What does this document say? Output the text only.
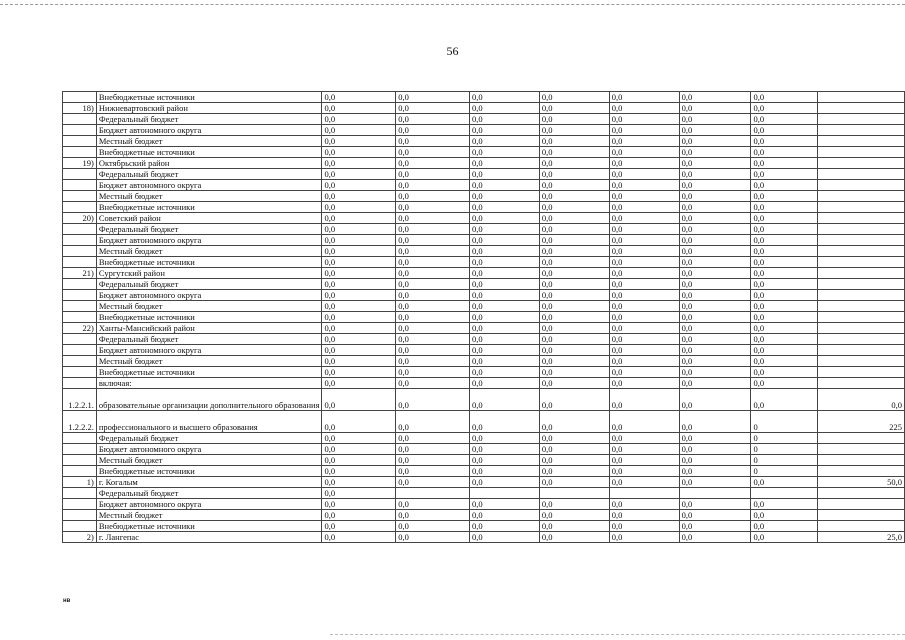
56
	Внебюджетные источники	0,0	0,0	0,0	0,0	0,0	0,0	0,0	
18)	Нижневартовский район	0,0	0,0	0,0	0,0	0,0	0,0	0,0	
	Федеральный бюджет	0,0	0,0	0,0	0,0	0,0	0,0	0,0	
	Бюджет автономного округа	0,0	0,0	0,0	0,0	0,0	0,0	0,0	
	Местный бюджет	0,0	0,0	0,0	0,0	0,0	0,0	0,0	
	Внебюджетные источники	0,0	0,0	0,0	0,0	0,0	0,0	0,0	
19)	Октябрьский район	0,0	0,0	0,0	0,0	0,0	0,0	0,0	
	Федеральный бюджет	0,0	0,0	0,0	0,0	0,0	0,0	0,0	
	Бюджет автономного округа	0,0	0,0	0,0	0,0	0,0	0,0	0,0	
	Местный бюджет	0,0	0,0	0,0	0,0	0,0	0,0	0,0	
	Внебюджетные источники	0,0	0,0	0,0	0,0	0,0	0,0	0,0	
20)	Советский район	0,0	0,0	0,0	0,0	0,0	0,0	0,0	
	Федеральный бюджет	0,0	0,0	0,0	0,0	0,0	0,0	0,0	
	Бюджет автономного округа	0,0	0,0	0,0	0,0	0,0	0,0	0,0	
	Местный бюджет	0,0	0,0	0,0	0,0	0,0	0,0	0,0	
	Внебюджетные источники	0,0	0,0	0,0	0,0	0,0	0,0	0,0	
21)	Сургутский район	0,0	0,0	0,0	0,0	0,0	0,0	0,0	
	Федеральный бюджет	0,0	0,0	0,0	0,0	0,0	0,0	0,0	
	Бюджет автономного округа	0,0	0,0	0,0	0,0	0,0	0,0	0,0	
	Местный бюджет	0,0	0,0	0,0	0,0	0,0	0,0	0,0	
	Внебюджетные источники	0,0	0,0	0,0	0,0	0,0	0,0	0,0	
22)	Ханты-Мансийский район	0,0	0,0	0,0	0,0	0,0	0,0	0,0	
	Федеральный бюджет	0,0	0,0	0,0	0,0	0,0	0,0	0,0	
	Бюджет автономного округа	0,0	0,0	0,0	0,0	0,0	0,0	0,0	
	Местный бюджет	0,0	0,0	0,0	0,0	0,0	0,0	0,0	
	Внебюджетные источники	0,0	0,0	0,0	0,0	0,0	0,0	0,0	
	включая:	0,0	0,0	0,0	0,0	0,0	0,0	0,0	
1.2.2.1.	образовательные организации дополнительного образования	0,0	0,0	0,0	0,0	0,0	0,0	0,0	0,0
1.2.2.2.	профессионального и высшего образования	0,0	0,0	0,0	0,0	0,0	0,0	0	225
	Федеральный бюджет	0,0	0,0	0,0	0,0	0,0	0,0	0	
	Бюджет автономного округа	0,0	0,0	0,0	0,0	0,0	0,0	0	
	Местный бюджет	0,0	0,0	0,0	0,0	0,0	0,0	0	
	Внебюджетные источники	0,0	0,0	0,0	0,0	0,0	0,0	0	
1)	г. Когалым	0,0	0,0	0,0	0,0	0,0	0,0	0,0	50,0
	Федеральный бюджет	0,0							
	Бюджет автономного округа	0,0	0,0	0,0	0,0	0,0	0,0	0,0	
	Местный бюджет	0,0	0,0	0,0	0,0	0,0	0,0	0,0	
	Внебюджетные источники	0,0	0,0	0,0	0,0	0,0	0,0	0,0	
2)	г. Лангепас	0,0	0,0	0,0	0,0	0,0	0,0	0,0	25,0
нв
